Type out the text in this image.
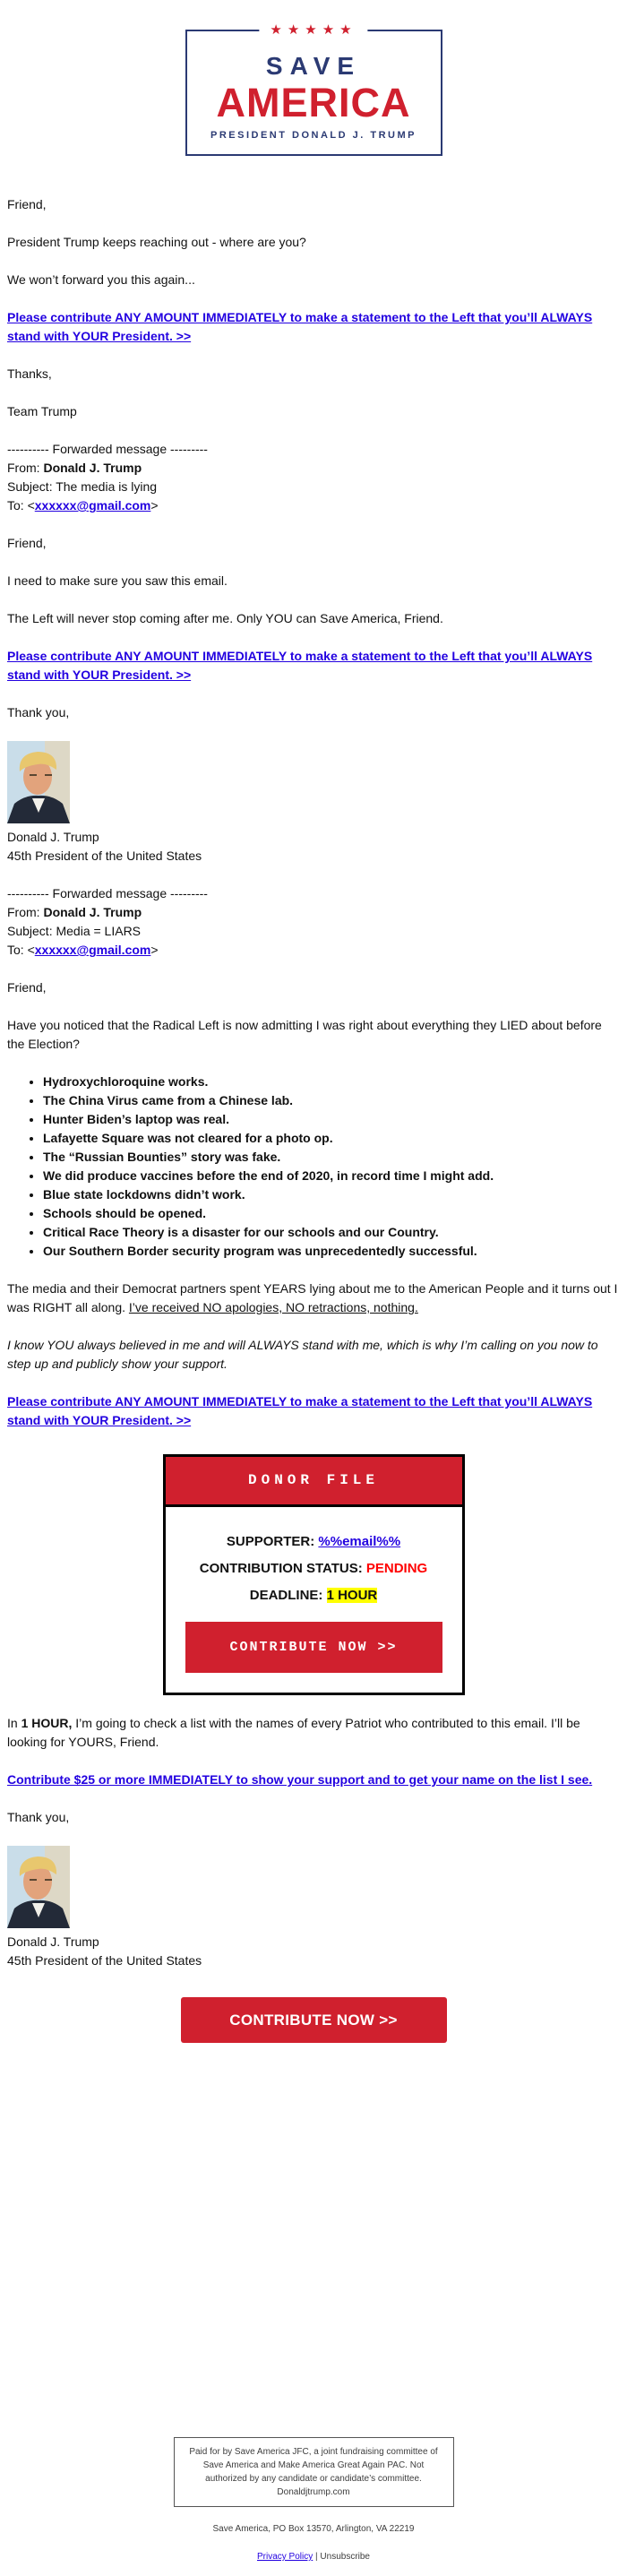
★★★★★
SAVE
AMERICA
PRESIDENT DONALD J. TRUMP

Friend,

President Trump keeps reaching out - where are you?

We won’t forward you this again...

Please contribute ANY AMOUNT IMMEDIATELY to make a statement to the Left that you’ll ALWAYS stand with YOUR President. >>

Thanks,

Team Trump

---------- Forwarded message ---------
From: Donald J. Trump
Subject: The media is lying
To: <xxxxxx@gmail.com>

Friend,

I need to make sure you saw this email.

The Left will never stop coming after me. Only YOU can Save America, Friend.

Please contribute ANY AMOUNT IMMEDIATELY to make a statement to the Left that you’ll ALWAYS stand with YOUR President. >>

Thank you,

Donald J. Trump
45th President of the United States

---------- Forwarded message ---------
From: Donald J. Trump
Subject: Media = LIARS
To: <xxxxxx@gmail.com>

Friend,

Have you noticed that the Radical Left is now admitting I was right about everything they LIED about before the Election?

• Hydroxychloroquine works.
• The China Virus came from a Chinese lab.
• Hunter Biden’s laptop was real.
• Lafayette Square was not cleared for a photo op.
• The “Russian Bounties” story was fake.
• We did produce vaccines before the end of 2020, in record time I might add.
• Blue state lockdowns didn’t work.
• Schools should be opened.
• Critical Race Theory is a disaster for our schools and our Country.
• Our Southern Border security program was unprecedentedly successful.

The media and their Democrat partners spent YEARS lying about me to the American People and it turns out I was RIGHT all along. I’ve received NO apologies, NO retractions, nothing.

I know YOU always believed in me and will ALWAYS stand with me, which is why I’m calling on you now to step up and publicly show your support.

Please contribute ANY AMOUNT IMMEDIATELY to make a statement to the Left that you’ll ALWAYS stand with YOUR President. >>

DONOR FILE
SUPPORTER: %%email%%
CONTRIBUTION STATUS: PENDING
DEADLINE: 1 HOUR
CONTRIBUTE NOW >>

In 1 HOUR, I’m going to check a list with the names of every Patriot who contributed to this email. I’ll be looking for YOURS, Friend.

Contribute $25 or more IMMEDIATELY to show your support and to get your name on the list I see.

Thank you,

Donald J. Trump
45th President of the United States

CONTRIBUTE NOW >>
Paid for by Save America JFC, a joint fundraising committee of Save America and Make America Great Again PAC. Not authorized by any candidate or candidate’s committee. Donaldjtrump.com
Save America, PO Box 13570, Arlington, VA 22219
Privacy Policy | Unsubscribe
